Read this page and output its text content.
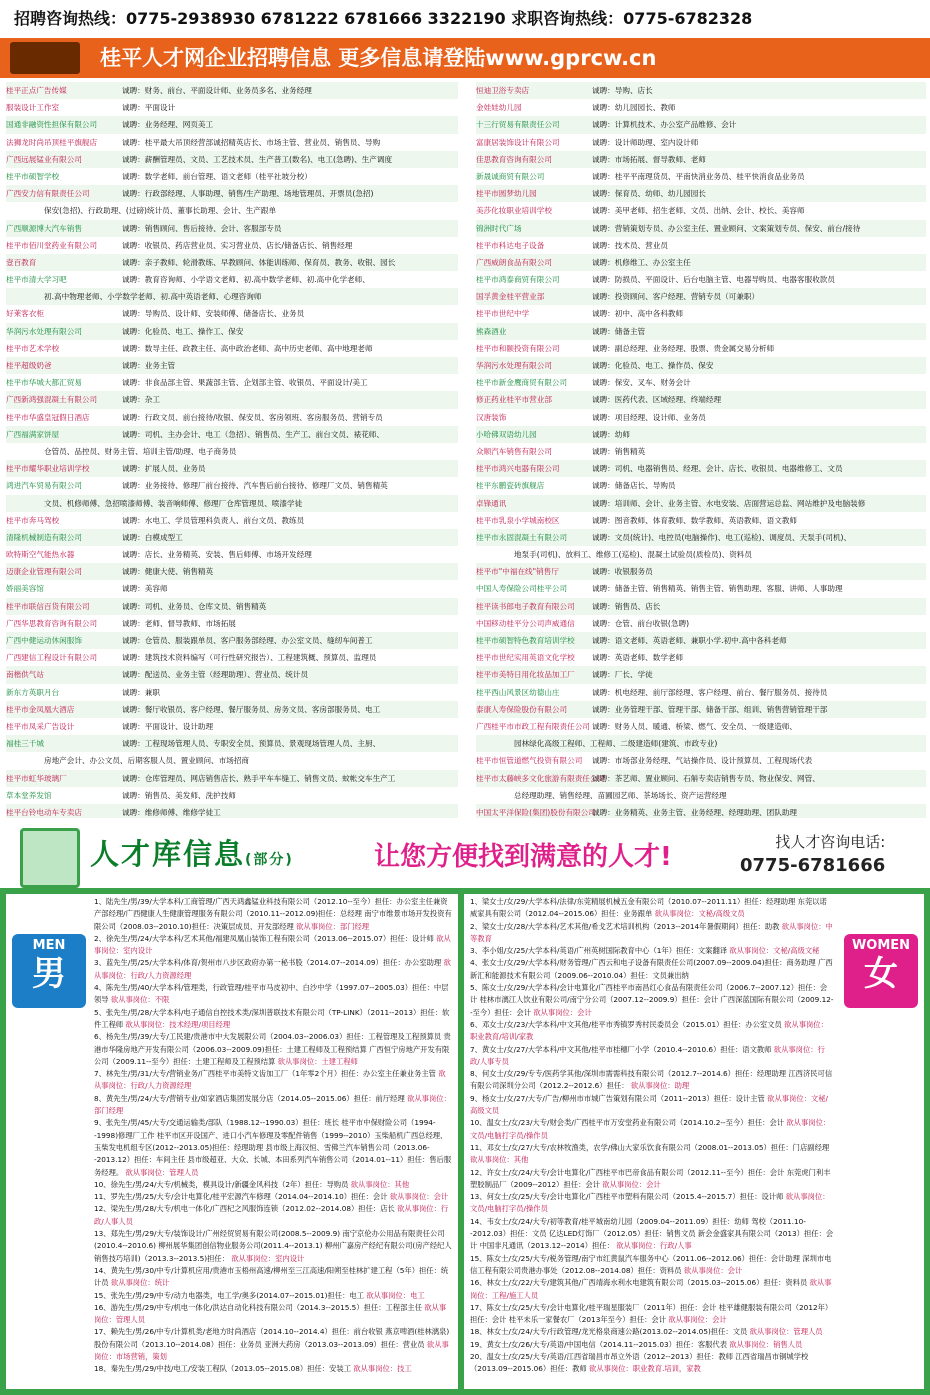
招聘咨询热线：0775-2938930 6781222 6781666 3322190 求职咨询热线：0775-6782328
桂平人才网企业招聘信息 更多信息请登陆www.gprcw.cn
桂平正点广告传媒	诚聘：财务、前台、平面设计师、业务员多名、业务经理
服装设计工作室	诚聘：平面设计
国通非融资性担保有限公司	诚聘：业务经理、网页美工
法狮龙时尚吊顶桂平旗舰店	诚聘：桂平最大吊顶经营部诚招精英店长、市场主管、营业员、销售员、导购
广西远展锰业有限公司	诚聘：薪酬管理员、文员、工艺技术员、生产普工(数名)、电工(急聘)、生产调度
桂平市硕智学校	诚聘：数学老师、前台管理、语文老师（桂平社坡分校）
广西安力信有限责任公司	诚聘：行政部经理、人事助理、销售/生产助理、场地管理员、开票员(急招)
保安(急招)、行政助理、(过磅)统计员、董事长助理、会计、生产跟单
广西顺源博大汽车销售	诚聘：销售顾问、售后接待、会计、客服部专员
桂平市佰川堂药业有限公司	诚聘：收银员、药店营业员、实习营业员、店长/储备店长、销售经理
壹百教育	诚聘：亲子教师、轮滑教练、早教顾问、体能训练师、保育员、教务、收银、园长
桂平市清大学习吧	诚聘：教育咨询师、小学语文老师、初.高中数学老师、初.高中化学老师、
初.高中物理老师、小学数学老师、初.高中英语老师、心理咨询师
好莱客衣柜	诚聘：导购员、设计师、安装师傅、储备店长、业务员
华润污水处理有限公司	诚聘：化验员、电工、操作工、保安
桂平市艺术学校	诚聘：数导主任、政教主任、高中政治老师、高中历史老师、高中地理老师
桂平超级奶爸	诚聘：业务主管
桂平市华城大都汇贸易	诚聘：非食品部主管、果蔬部主管、企划部主管、收银员、平面设计/美工
广西新鸿强混凝土有限公司	诚聘：杂工
桂平市华盛皇冠假日酒店	诚聘：行政文员、前台接待/收银、保安员、客房领班、客房服务员、营销专员
广西福满家饼屋	诚聘：司机、主办会计、电工（急招）、销售员、生产工、前台文员、裱花师、
仓管员、品控员、财务主管、培训主管/助理、电子商务员
桂平市耀华职业培训学校	诚聘：扩展人员、业务员
鸿进汽车贸易有限公司	诚聘：业务接待、修理厂前台接待、汽车售后前台接待、修理厂文员、销售精英
文员、机修师傅、急招喷漆师傅、装音响师傅、修理厂仓库管理员、喷漆学徒
桂平市奔马驾校	诚聘：水电工、学员管理科负责人、前台文员、教练员
清隆机械制造有限公司	诚聘：白模成型工
欧特斯空气能热水器	诚聘：店长、业务精英、安装、售后师傅、市场开发经理
迈康企业管理有限公司	诚聘：健康大使、销售精英
娇丽美容馆	诚聘：美容师
桂平市联信百货有限公司	诚聘：司机、业务员、仓库文员、销售精英
广西华思教育咨询有限公司	诚聘：老师、督导教师、市场拓展
广西中健运动休闲服饰	诚聘：仓管员、服装跟单员、客户服务部经理、办公室文员、缝纫车间普工
广西建信工程设计有限公司	诚聘：建筑技术资料编写（可行性研究报告）、工程建筑概、预算员、监理员
南楷供气站	诚聘：配送员、业务主管（经理助理）、营业员、统计员
新东方英职月台	诚聘：兼职
桂平市金凤凰大酒店	诚聘：餐厅收银员、客户经理、餐厅服务员、房务文员、客房部服务员、电工
桂平市凤采广告设计	诚聘：平面设计、设计助理
福桂三千城	诚聘：工程现场管理人员、专职安全员、预算员、景观现场管理人员、主厨、
房地产会计、办公文员、后期客服人员、置业顾问、市场招商
桂平市虹华玻璃厂	诚聘：仓库管理员、网店销售店长、熟手平车车缝工、销售文员、蚊帐交车生产工
草本堂养发馆	诚聘：销售员、美发师、洗护技师
桂平台铃电动车专卖店	诚聘：维修师傅、维修学徒工
恒迪卫浴专卖店	诚聘：导购、店长
金娃娃幼儿园	诚聘：幼儿园园长、教师
十三行贸易有限责任公司	诚聘：计算机技术、办公室产品维修、会计
富康居装饰设计有限公司	诚聘：设计师助理、室内设计师
佳思教育咨询有限公司	诚聘：市场拓展、督导教师、老师
新晟诚商贸有限公司	诚聘：桂平平南理货员、平南快消业务员、桂平快消食品业务员
桂平市圆梦幼儿园	诚聘：保育员、幼师、幼儿园园长
美莎化妆职业培训学校	诚聘：美甲老师、招生老师、文员、出纳、会计、校长、美容师
锦洲时代广场	诚聘：营销策划专员、办公室主任、置业顾问、文案策划专员、保安、前台/接待
桂平市科达电子设备	诚聘：技术员、营业员
广西威朗食品有限公司	诚聘：机修维工、办公室主任
桂平市鸿泰商贸有限公司	诚聘：防损员、平面设计、后台电脑主管、电器导购员、电器客服收款员
国孚黄金桂平营业部	诚聘：投资顾问、客户经理、营销专员（可兼职）
桂平市世纪中学	诚聘：初中、高中各科教师
熊森酒业	诚聘：储备主管
桂平市和颐投资有限公司	诚聘：副总经理、业务经理、股票、贵金属交易分析师
华润污水处理有限公司	诚聘：化验员、电工、操作员、保安
桂平市新金鹰商贸有限公司	诚聘：保安、叉车、财务会计
修正药业桂平市营业部	诚聘：医药代表、区域经理、终端经理
汉唐装饰	诚聘：项目经理、设计师、业务员
小哈佛双语幼儿园	诚聘：幼师
众顺汽车销售有限公司	诚聘：销售精英
桂平市鸿兴电器有限公司	诚聘：司机、电器销售员、经理、会计、店长、收银员、电器维修工、文员
桂平东鹏瓷砖旗舰店	诚聘：储备店长、导购员
卓锋通讯	诚聘：培训师、会计、业务主管、水电安装、店面营运总监、网站维护及电脑装修
桂平市乳泉小学城南校区	诚聘：图音教师、体育教师、数学教师、英语教师、语文教师
桂平市永固混凝土有限公司	诚聘：文员(统计)、电控员(电脑操作)、电工(巡检)、调度员、天泵手(司机)、
地泵手(司机)、放料工、维修工(巡检)、混凝土试验员(质检员)、资料员
桂平市"中福在线"销售厅	诚聘：收银服务员
中国人寿保险公司桂平公司	诚聘：储备主管、销售精英、销售主管、销售助理、客服、讲师、人事助理
桂平读书郎电子教育有限公司	诚聘：销售员、店长
中国移动桂平分公司声威通信	诚聘：仓管、前台收银(急聘)
桂平市硕智特色教育培训学校	诚聘：语文老师、英语老师、兼职小学.初中.高中各科老师
桂平市世纪实用英语文化学校	诚聘：英语老师、数学老师
桂平市美特日用化妆品加工厂	诚聘：厂长、学徒
桂平西山风景区幼德山庄	诚聘：机电经理、前厅部经理、客户经理、前台、餐厅服务员、接待员
泰康人寿保险股份有限公司	诚聘：业务管理干部、管理干部、储备干部、组训、销售营销管理干部
广西桂平市市政工程有限责任公司 诚聘：财务人员、暖通、桥梁、燃气、安全员、一级建造师、
园林绿化高级工程师、工程师、二级建造师(建筑、市政专业)
桂平市恒管道燃气投资有限公司	诚聘：市场部业务经理、气站操作员、设计预算员、工程现场代表
桂平市太藤峡多文化旅游有限责任公司
诚聘：茶艺师、置业顾问、石斛专卖店销售专员、物业保安、网管、
总经理助理、销售经理、苗圃园艺师、茶场场长、资产运营经理
中国太平洋保险(集团)股份有限公司
诚聘：业务精英、业务主管、业务经理、经理助理、团队助理
人才库信息(部分)	让您方便找到满意的人才!	找人才咨询电话:
0775-6781666
MEN
男
1、陆先生/男/39/大学本科/工商管理/广西天鸿鑫锰业科技有限公司（2012.10--至今）担任：办公室主任兼资产部经理/广西健康人生健康管理服务有限公司（2010.11--2012.09)担任：总经理 南宁市维景市场开发投资有限公司（2008.03--2010.10)担任：决策层成员、开发部经理 欲从事岗位：部门经理
2、徐先生/男/24/大学本科/艺术其他/福建凤凰山装饰工程有限公司（2013.06--2015.07）担任：设计师 欲从事岗位：室内设计
3、蓝先生/男/25/大学本科/体育/贺州市八步区政府办第一秘书股（2014.07--2014.09）担任：办公室助理 欲从事岗位：行政/人力资源经理
4、陈先生/男/40/大学本科/管理类，行政管理/桂平市马皮初中、白沙中学（1997.07--2005.03）担任：中层领导 欲从事岗位：不限
5、张先生/男/28/大学本科/电子通信自控技术类/深圳普联技术有限公司（TP-LINK）（2011--2013）担任：软件工程师 欲从事岗位：技术经理/项目经理
6、杨先生/男/39/大专/工民建/贵港市中大发展限公司（2004.03--2006.03）担任：工程管理及工程预算员 贵港市华隆房地产开发有限公司（2006.03--2009.09)担任：土建工程师及工程预结算 广西恒宁房地产开发有限公司（2009.11--至今）担任：土建工程师及工程预结算 欲从事岗位：土建工程师
7、林先生/男/31/大专/营销业务/广西桂平市美特文齿加工厂（1年零2个月）担任：办公室主任兼业务主管 欲从事岗位：行政/人力资源经理
8、黄先生/男/24/大专/营销专业/如家酒店集团发展分店（2014.05--2015.06）担任：前厅经理 欲从事岗位：部门经理
9、张先生/男/45/大专/交通运输类/部队（1988.12--1990.03）担任：班长 桂平市中保财险公司（1994--1998)修理厂工作 桂平市区开设国产、进口小汽车修理及零配件销售（1999--2010）玉柴船机广西总经理、玉柴发电机组专区(2012--2013.05)担任：经理助理 县市级上海汉恒、雪佛兰汽车销售公司（2013.06--2013.12）担任：车间主任 县市级超亚、大众、长城、本田系列汽车销售公司（2014.01--11）担任：售后服务经理。 欲从事岗位：管理人员
10、徐先生/男/24/大专/机械类，模具设计/新疆金风科技（2年）担任：导购员 欲从事岗位：其他
11、罗先生/男/25/大专/会计电算化/桂平宏源汽车修理（2014.04--2014.10）担任：会计 欲从事岗位：会计
12、梁先生/男/28/大专/机电一体化/广西杞之风服饰连锁（2012.02--2014.08）担任：店长 欲从事岗位：行政/人事人员
13、郑先生/男/29/大专/装饰设计/广州经贸贸易有限公司(2008.5--2009.9) 南宁京伦办公用品有限责任公司(2010.4--2010.6) 柳州展华集团创信物业服务公司(2011.4--2013.1) 柳州广嘉房产经纪有限公司(房产经纪人销售技巧培训)（2013.3--2013.5)担任： 欲从事岗位：室内设计
14、黄先生/男/30/中专/计算机应用/贵港市玉梧州高速/柳州至三江高速/阳朔至桂林扩建工程（5年）担任：统计员 欲从事岗位：统计
15、张先生/男/29/中专/动力电器类，电工学/奥多(2014.07--2015.01)担任：电工 欲从事岗位：电工
16、游先生/男/29/中专/机电一体化/洪达自动化科技有限公司（2014.3--2015.5）担任：工程部主任 欲从事岗位：管理人员
17、赖先生/男/26/中专/计算机类/老地方时尚酒店（2014.10--2014.4）担任：前台收银 燕京啤酒(桂林漓泉)股份有限公司（2013.10--2014.08）担任：业务员 亚洲大药房（2013.03--2013.09）担任：营业员 欲从事岗位：市场营销，策划
18、秦先生/男/29/中技/电工/安装工程队（2013.05--2015.08）担任：安装工 欲从事岗位：技工
1、梁女士/女/29/大学本科/法律/东莞精展机械五金有限公司（2010.07--2011.11）担任：经理助理 东莞以诺威家具有限公司（2012.04--2015.06）担任：业务跟单 欲从事岗位：文秘/高级文员
2、梁女士/女/28/大学本科/艺术其他/希戈艺术培训机构（2013--2014年暑假期间）担任：助教 欲从事岗位：中等教育
3、李小姐/女/25/大学本科/英语/广州英树国际教育中心（1年）担任：文案翻译 欲从事岗位：文秘/高级文秘
4、张女士/女/29/大学本科/财务管理/广西云和电子设备有限责任公司(2007.09--2009.04)担任：商务助理 广西新汇和能源技术有限公司（2009.06--2010.04）担任：文员兼出纳
5、陈女士/女/29/大学本科/会计电算化/广西桂平市南昌红心食品有限责任公司（2006.7--2007.12）担任：会计 桂林市漓江人饮业有限公司/南宁分公司（2007.12--2009.9）担任：会计 广西深蓝国际有限公司（2009.12--至今）担任：会计 欲从事岗位：会计
6、邓女士/女/23/大学本科/中文其他/桂平市秀镇罗秀村民委员会（2015.01）担任：办公室文员 欲从事岗位：职业教育/培训/家教
7、黄女士/女/27/大学本科/中文其他/桂平市桂穗厂小学（2010.4--2010.6）担任：语文教师 欲从事岗位：行政/人事专员
8、何女士/女/29/专专/医药学其他/深圳市需需科技有限公司（2012.7--2014.6）担任：经理助理 江西济民可信有限公司深圳分公司（2012.2--2012.6）担任： 欲从事岗位：助理
9、杨女士/女/27/大专/广告/柳州市市城广告策划有限公司（2011--2013）担任：设计主管 欲从事岗位：文秘/高级文员
10、温女士/女/23/大专/财会类/广西桂平市万安堂药业有限公司（2014.10.2--至今）担任：会计 欲从事岗位：文员/电脑打字员/操作员
11、邓女士/女/27/大专/农林牧渔类，农学/佛山大家乐饮食有限公司（2008.01--2013.05）担任：门店副经理 欲从事岗位：其他
12、许女士/女/24/大专/会计电算化/广西桂平市巴帝食品有限公司（2012.11--至今）担任：会计 东莞虎门利丰塑胶制品厂（2009--2012）担任：会计 欲从事岗位：会计
13、何女士/女/25/大专/会计电算化/广西桂平市塑料有限公司（2015.4--2015.7）担任：设计师 欲从事岗位：文员/电脑打字员/操作员
14、韦女士/女/24/大专/初等教育/桂平城南幼儿园（2009.04--2011.09）担任：幼师 驾校（2011.10--2012.03）担任：文员 亿达LED灯饰厂（2012.05）担任：销售文员 新会金盛家具有限公司（2013）担任：会计 中国非凡通讯（2013.12--2014）担任： 欲从事岗位：行政/人事
15、陈女士/女/25/大专/税务管理/南宁市红黄鼠汽车服务中心（2011.06--2012.06）担任：会计助理 深圳市电信工程有限公司贵港办事处（2012.08--2014.08）担任：资料员 欲从事岗位：会计
16、林女士/女/22/大专/建筑其他/广西靖海水利水电建筑有限公司（2015.03--2015.06）担任：资料员 欲从事岗位：工程/施工人员
17、陈女士/女/25/大专/会计电算化/桂平瑞星服装厂（2011年）担任：会计 桂平雄健服装有限公司（2012年）担任：会计 桂平未乐一家餐农厂（2013年至今）担任：会计 欲从事岗位：会计
18、林女士/女/24/大专/行政管理/龙光格泉商速公路(2013.02--2014.05)担任：文员 欲从事岗位：管理人员
19、黄女士/女/26/大专/英语/中国电信（2014.11--2015.03）担任：客服代表 欲从事岗位：销售人员
20、温女士/女/25/大专/英语/江西省瑞昌市昂立外语（2012--2013）担任：教师 江西省瑞昌市铜城学校（2013.09--2015.06）担任：教师 欲从事岗位：职业教育.培训，家教
WOMEN
女
